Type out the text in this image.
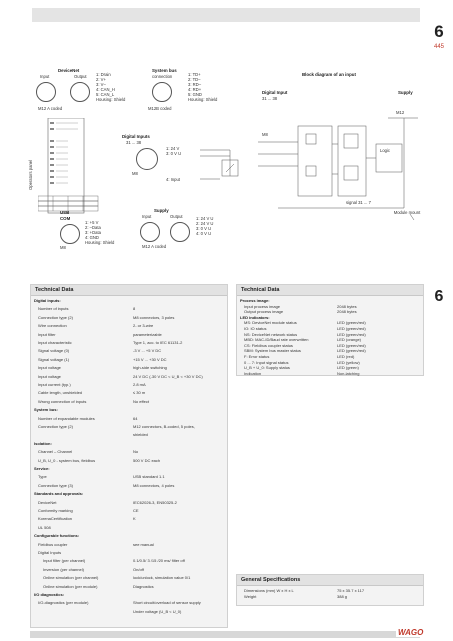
6
445
DeviceNet
Input	Output 1: Drain
2: V+
3: V–
4: CAN_H
5: CAN_L
Housing: Shield
M12 A coded
System bus
connection	1: TD+
2: TD–
3: RD–
4: RD+
5: GND
Housing: Shield
M12B coded
Operators panel
Digital Inputs
31 ... 38
M8
1: 24 V
3: 0 V U
4: Input
USB
COM
M8
1: +5 V
2: –Data
3: +Data
4: GND
Housing: Shield
Supply
Input	Output	1: 24 V U
2: 24 V U
3: 0 V U
4: 0 V U
M12 A coded
Block diagram of an input
Digital Input
31 ... 38
Supply
M12
M8
Logic
signal 31 ... 7
Module mount
Technical Data
Digital inputs:
Number of inputs	8
Connection type (2)	M8 connectors, 3 poles
Wire connection	2- or 3-wire
Input filter	parameterizable
Input characteristic	Type 1, acc. to IEC 61131-2
Signal voltage (0)	-3 V ... +5 V DC
Signal voltage (1)	+15 V ... +30 V DC
Input voltage	high-side switching
Input voltage	24 V DC (-30 V DC < U_B < +30 V DC)
Input current (typ.)	2.8 mA
Cable length, unshielded	≤ 30 m
Wrong connection of inputs	No effect
System bus:
Number of expandable modules	64
Connection type (2)	M12 connectors, B-coded, 5 poles,
shielded
Isolation:
Channel – Channel	No
U_B, U_0 - system bus, fieldbus	500 V DC each
Service:
Type	USB standard 1.1
Connection type (3)	M8 connectors, 4 poles
Standards and approvals:
DeviceNet	IEC62026-3, EN50325-2
Conformity marking	CE
KorenaCertification	K
UL 508
Configurable functions:
Fieldbus coupler	see manual
Digital Inputs
Input filter (per channel)	0.1/0.5/ 3 /15 /20 ms/ filter off
Inversion (per channel)	On/off
Online simulation (per channel)	lock/unlock, simulation value 0/1
Online simulation (per module)	Diagnostics
I/O diagnostics:
I/O-diagnostics (per module)	Short circuit/overload of sensor supply
Under voltage (U_B < U_0)
Technical Data
Process image:
Input process image	2048 bytes
Output process image	2048 bytes
LED indicators:
MS: DeviceNet module status	LED (green/red)
IO: IO status	LED (green/red)
NS: DeviceNet network status	LED (green/red)
MBD: MAC-ID/Baud rate overwritten	LED (orange)
CS: Fieldbus coupler status	LED (green/red)
SBM: System bus master status	LED (green/red)
F: Error status	LED (red)
0 ... 7: Input signal status	LED (yellow)
U_B + U_0: Supply status	LED (green)
Indication	Non-latching
General Specifications
Dimensions (mm) W x H x L	75 x 35.7 x 117
Weight	388 g
6
WAGO
